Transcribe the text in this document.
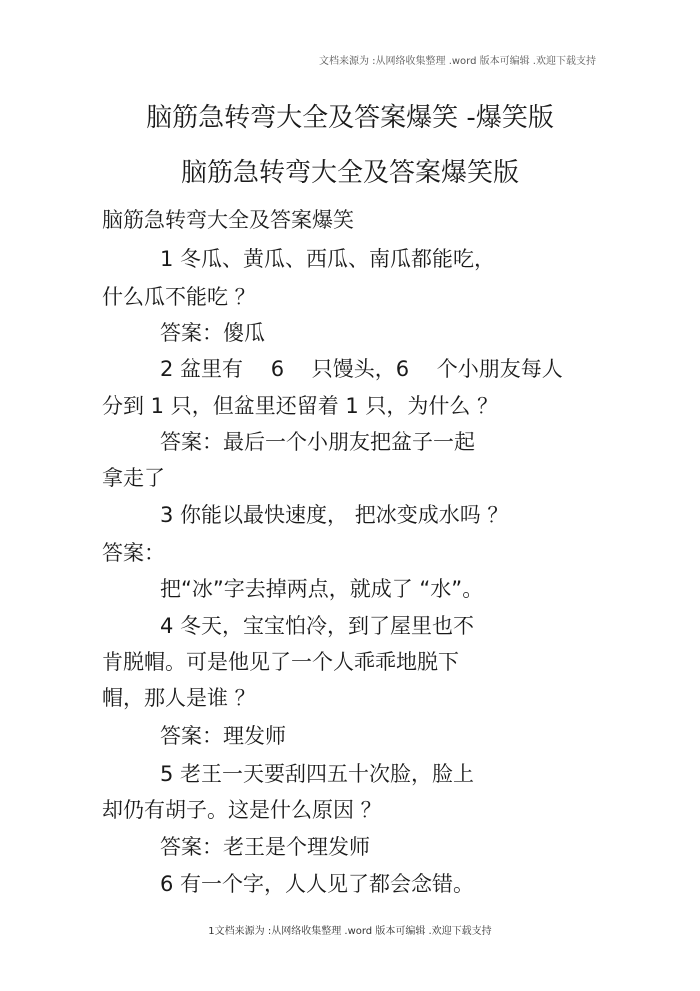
文档来源为 :从网络收集整理 .word 版本可编辑 .欢迎下载支持
脑筋急转弯大全及答案爆笑 -爆笑版
脑筋急转弯大全及答案爆笑版
脑筋急转弯大全及答案爆笑
1 冬瓜、黄瓜、西瓜、南瓜都能吃，
什么瓜不能吃 ？
答案：傻瓜
2 盆里有 　6 　只馒头，6 　个小朋友每人
分到 1 只，但盆里还留着 1 只，为什么 ？
答案：最后一个小朋友把盆子一起
拿走了
3 你能以最快速度， 把冰变成水吗 ？
答案：
把“冰”字去掉两点，就成了 “水”。
4 冬天，宝宝怕冷，到了屋里也不
肯脱帽。可是他见了一个人乖乖地脱下
帽，那人是谁 ？
答案：理发师
5 老王一天要刮四五十次脸，脸上
却仍有胡子。这是什么原因 ？
答案：老王是个理发师
6 有一个字，人人见了都会念错。
1文档来源为 :从网络收集整理 .word 版本可编辑 .欢迎下载支持
